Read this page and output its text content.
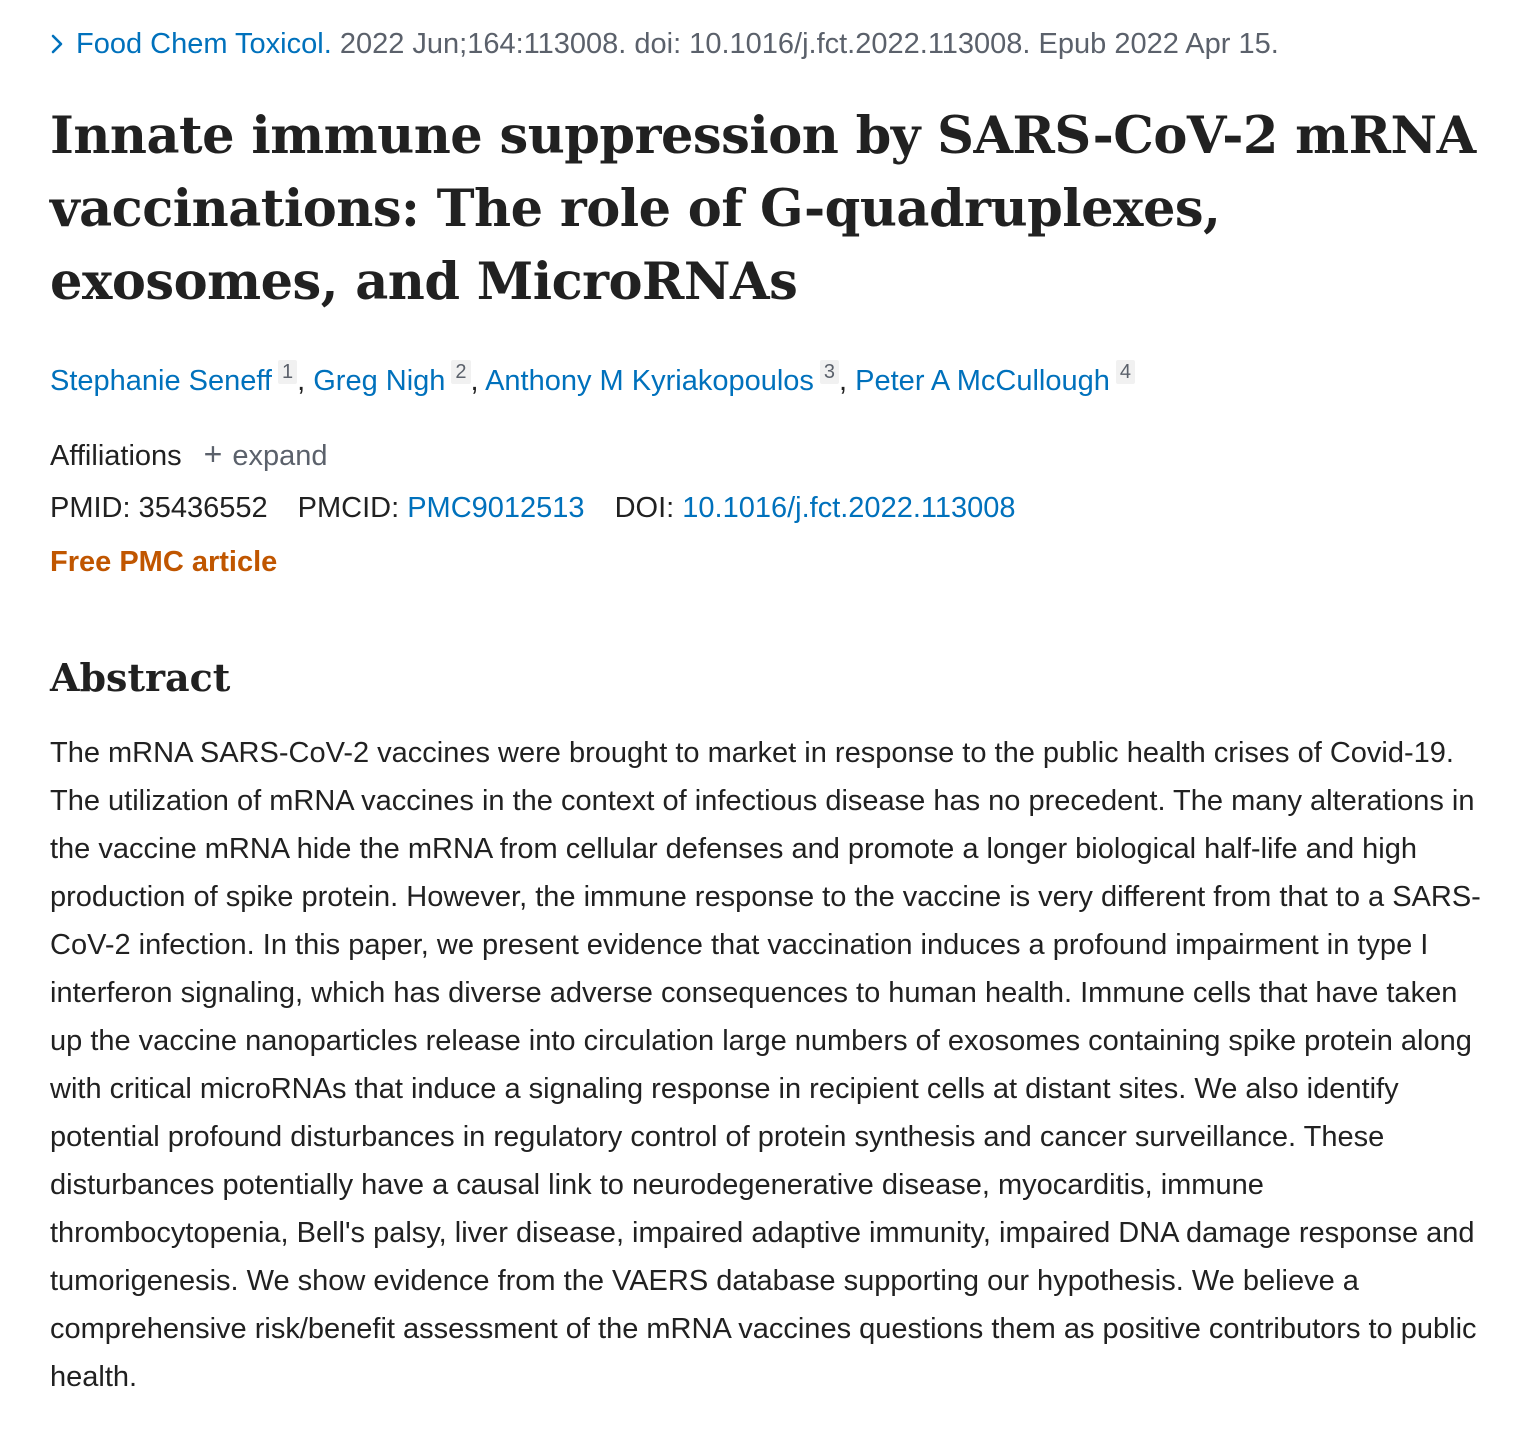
Food Chem Toxicol. 2022 Jun;164:113008. doi: 10.1016/j.fct.2022.113008. Epub 2022 Apr 15.
Innate immune suppression by SARS-CoV-2 mRNA vaccinations: The role of G-quadruplexes, exosomes, and MicroRNAs
Stephanie Seneff 1 , Greg Nigh 2 , Anthony M Kyriakopoulos 3 , Peter A McCullough 4
Affiliations + expand
PMID: 35436552 PMCID: PMC9012513 DOI: 10.1016/j.fct.2022.113008
Free PMC article
Abstract

The mRNA SARS-CoV-2 vaccines were brought to market in response to the public health crises of Covid-19. The utilization of mRNA vaccines in the context of infectious disease has no precedent. The many alterations in the vaccine mRNA hide the mRNA from cellular defenses and promote a longer biological half-life and high production of spike protein. However, the immune response to the vaccine is very different from that to a SARS-CoV-2 infection. In this paper, we present evidence that vaccination induces a profound impairment in type I interferon signaling, which has diverse adverse consequences to human health. Immune cells that have taken up the vaccine nanoparticles release into circulation large numbers of exosomes containing spike protein along with critical microRNAs that induce a signaling response in recipient cells at distant sites. We also identify potential profound disturbances in regulatory control of protein synthesis and cancer surveillance. These disturbances potentially have a causal link to neurodegenerative disease, myocarditis, immune thrombocytopenia, Bell's palsy, liver disease, impaired adaptive immunity, impaired DNA damage response and tumorigenesis. We show evidence from the VAERS database supporting our hypothesis. We believe a comprehensive risk/benefit assessment of the mRNA vaccines questions them as positive contributors to public health.
